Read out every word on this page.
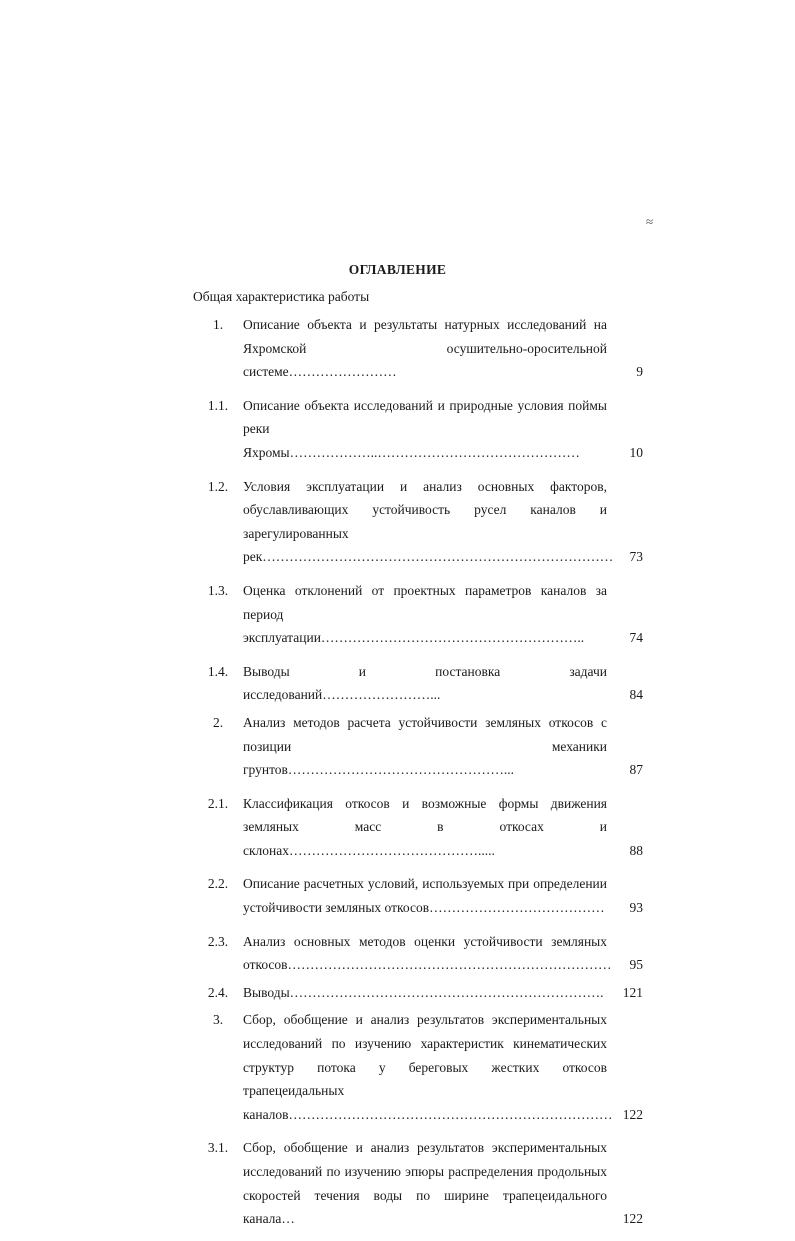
≈
ОГЛАВЛЕНИЕ
Общая характеристика работы
1.	Описание объекта и результаты натурных исследований на Яхромской осушительно-оросительной системе……………………	9
1.1.	Описание объекта исследований и природные условия поймы реки Яхромы………………..………………………………………	10
1.2.	Условия эксплуатации и анализ основных факторов, обуславливающих устойчивость русел каналов и зарегулированных рек……………………………………………………………………	73
1.3.	Оценка отклонений от проектных параметров каналов за период эксплуатации…………………………………………………..	74
1.4.	Выводы и постановка задачи исследований……………………...	84
2.	Анализ методов расчета устойчивости земляных откосов с позиции механики грунтов…………………………………………...	87
2.1.	Классификация откосов и возможные формы движения земляных масс в откосах и склонах…………………………………….....	88
2.2.	Описание расчетных условий, используемых при определении устойчивости земляных откосов…………………………………	93
2.3.	Анализ основных методов оценки устойчивости земляных откосов………………………………………………………………	95
2.4.	Выводы…………………………………………………………….	121
3.	Сбор, обобщение и анализ результатов экспериментальных исследований по изучению характеристик кинематических структур потока у береговых жестких откосов трапецеидальных каналов……………………………………………………………… 122
3.1.	Сбор, обобщение и анализ результатов экспериментальных исследований по изучению эпюры распределения продольных скоростей течения воды по ширине трапецеидального канала…	122
